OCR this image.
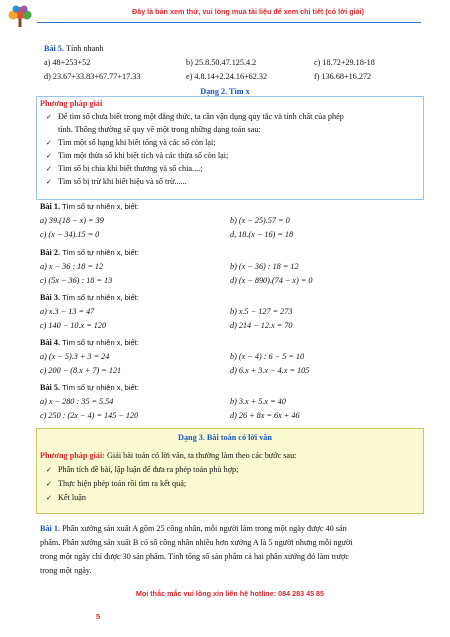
Đây là bản xem thử, vui lòng mua tài liệu để xem chi tiết (có lời giải)
Bài 5. Tính nhanh
a) 48+253+52	b) 25.8.50.47.125.4.2	c) 18.72+29.18-18
d) 23.67+33.83+67.77+17.33	e) 4.8.14+2.24.16+62.32	f) 136.68+16.272
Dạng 2. Tìm x
Phương pháp giải
✓ Để tìm số chưa biết trong một đẳng thức, ta cần vận dụng quy tắc và tính chất của phép
tính. Thông thường sẽ quy về một trong những dạng toán sau:
✓ Tìm một số hạng khi biết tổng và các số còn lại;
✓ Tìm một thừa số khi biết tích và các thừa số còn lại;
✓ Tìm số bị chia khi biết thương và số chia....;
✓ Tìm số bị trừ khi biết hiệu và số trừ......
Bài 1. Tìm số tự nhiên x, biết:
a) 39.(18 − x) = 39	b) (x − 25).57 = 0
c) (x − 34).15 = 0	d, 18.(x − 16) = 18
Bài 2. Tìm số tự nhiên x, biết:
a) x − 36 : 18 = 12	b) (x − 36) : 18 = 12
c) (5x − 36) : 18 = 13	d) (x − 890).(74 − x) = 0
Bài 3. Tìm số tự nhiên x, biết:
a) x.3 − 13 = 47	b) x.5 − 127 = 273
c) 140 − 10.x = 120	d) 214 − 12.x = 70
Bài 4. Tìm số tự nhiên x, biết:
a) (x − 5).3 + 3 = 24	b) (x − 4) : 6 − 5 = 10
c) 200 − (8.x + 7) = 121	d) 6.x + 3.x − 4.x = 105
Bài 5. Tìm số tự nhiên x, biết:
a) x − 280 : 35 = 5.54	b) 3.x + 5.x = 40
c) 250 : (2x − 4) = 145 − 120	d) 26 + 8x = 6x + 46
Dạng 3. Bài toán có lời văn
Phương pháp giải: Giải bài toán có lời văn, ta thường làm theo các bước sau:
✓ Phân tích đề bài, lập luận để đưa ra phép toán phù hợp;
✓ Thực hiện phép toán rồi tìm ra kết quả;
✓ Kết luận
Bài 1. Phân xưởng sản xuất A gồm 25 công nhân, mỗi người làm trong một ngày được 40 sản
phẩm. Phân xưởng sản xuất B có số công nhân nhiều hơn xưởng A là 5 người nhưng mỗi người
trong một ngày chỉ được 30 sản phẩm. Tính tổng số sản phẩm cả hai phân xưởng đó làm trược
trong một ngày.
Mọi thắc mắc vui lòng xin liên hệ hotline: 084 283 45 85
5
